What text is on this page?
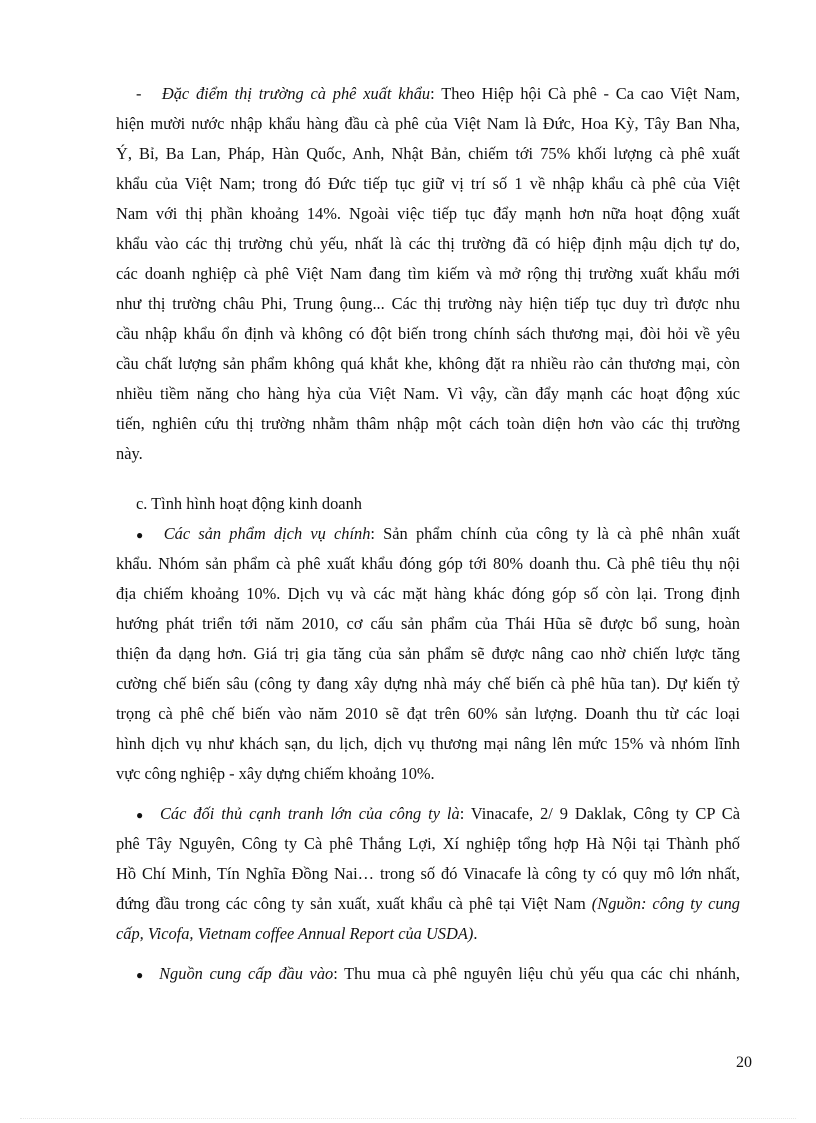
- Đặc điểm thị trường cà phê xuất khẩu: Theo Hiệp hội Cà phê - Ca cao Việt Nam,
hiện mười nước nhập khẩu hàng đầu cà phê của Việt Nam là Đức, Hoa Kỳ, Tây Ban Nha,
Ý, Bỉ, Ba Lan, Pháp, Hàn Quốc, Anh, Nhật Bản, chiếm tới 75% khối lượng cà phê xuất
khẩu của Việt Nam; trong đó Đức tiếp tục giữ vị trí số 1 về nhập khẩu cà phê của Việt
Nam với thị phần khoảng 14%. Ngoài việc tiếp tục đẩy mạnh hơn nữa hoạt động xuất
khẩu vào các thị trường chủ yếu, nhất là các thị trường đã có hiệp định mậu dịch tự do,
các doanh nghiệp cà phê Việt Nam đang tìm kiếm và mở rộng thị trường xuất khẩu mới
như thị trường châu Phi, Trung ộung... Các thị trường này hiện tiếp tục duy trì được nhu
cầu nhập khẩu ổn định và không có đột biến trong chính sách thương mại, đòi hỏi về yêu
cầu chất lượng sản phẩm không quá khắt khe, không đặt ra nhiều rào cản thương mại, còn
nhiều tiềm năng cho hàng hỳa của Việt Nam. Vì vậy, cần đẩy mạnh các hoạt động xúc
tiến, nghiên cứu thị trường nhằm thâm nhập một cách toàn diện hơn vào các thị trường
này.
c. Tình hình hoạt động kinh doanh
● Các sản phẩm dịch vụ chính: Sản phẩm chính của công ty là cà phê nhân xuất
khẩu. Nhóm sản phẩm cà phê xuất khẩu đóng góp tới 80% doanh thu. Cà phê tiêu thụ nội
địa chiếm khoảng 10%. Dịch vụ và các mặt hàng khác đóng góp số còn lại. Trong định
hướng phát triển tới năm 2010, cơ cấu sản phẩm của Thái Hũa sẽ được bổ sung, hoàn
thiện đa dạng hơn. Giá trị gia tăng của sản phẩm sẽ được nâng cao nhờ chiến lược tăng
cường chế biến sâu (công ty đang xây dựng nhà máy chế biến cà phê hũa tan). Dự kiến tỷ
trọng cà phê chế biến vào năm 2010 sẽ đạt trên 60% sản lượng. Doanh thu từ các loại
hình dịch vụ như khách sạn, du lịch, dịch vụ thương mại nâng lên mức 15% và nhóm lĩnh
vực công nghiệp - xây dựng chiếm khoảng 10%.
● Các đối thủ cạnh tranh lớn của công ty là: Vinacafe, 2/ 9 Daklak, Công ty CP Cà
phê Tây Nguyên, Công ty Cà phê Thắng Lợi, Xí nghiệp tổng hợp Hà Nội tại Thành phố
Hồ Chí Minh, Tín Nghĩa Đồng Nai… trong số đó Vinacafe là công ty có quy mô lớn nhất,
đứng đầu trong các công ty sản xuất, xuất khẩu cà phê tại Việt Nam (Nguồn: công ty cung
cấp, Vicofa, Vietnam coffee Annual Report của USDA).
● Nguồn cung cấp đầu vào: Thu mua cà phê nguyên liệu chủ yếu qua các chi nhánh,
20
